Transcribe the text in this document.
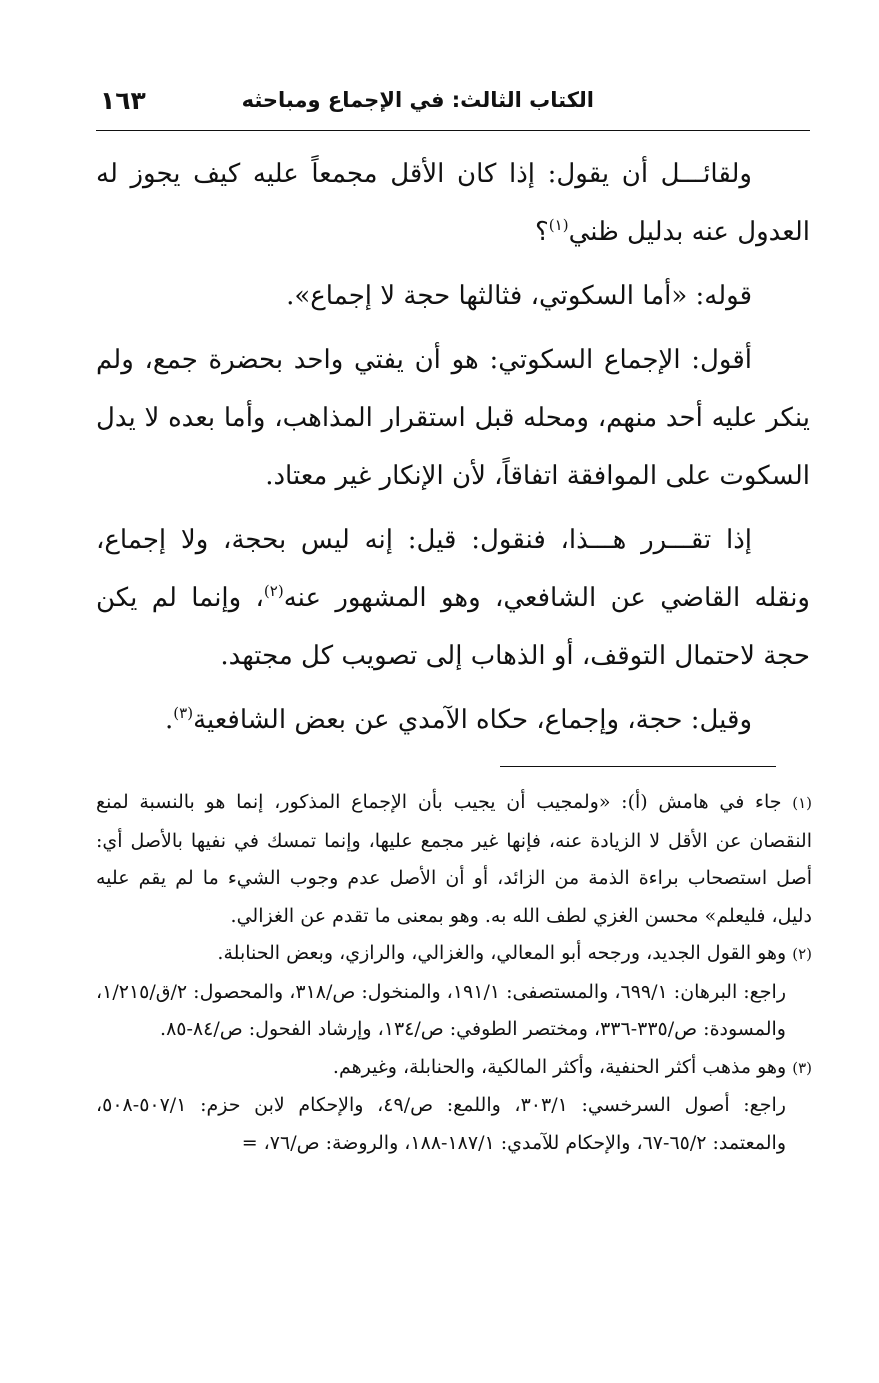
الكتاب الثالث: في الإجماع ومباحثه
١٦٣

ولقائـــل أن يقول: إذا كان الأقل مجمعاً عليه كيف يجوز له العدول عنه بدليل ظني$^{(١)}$؟

قوله: «أما السكوتي، فثالثها حجة لا إجماع».

أقول: الإجماع السكوتي: هو أن يفتي واحد بحضرة جمع، ولم ينكر عليه أحد منهم، ومحله قبل استقرار المذاهب، وأما بعده لا يدل السكوت على الموافقة اتفاقاً، لأن الإنكار غير معتاد.

إذا تقـــرر هـــذا، فنقول: قيل: إنه ليس بحجة، ولا إجماع، ونقله القاضي عن الشافعي، وهو المشهور عنه$^{(٢)}$، وإنما لم يكن حجة لاحتمال التوقف، أو الذهاب إلى تصويب كل مجتهد.

وقيل: حجة، وإجماع، حكاه الآمدي عن بعض الشافعية$^{(٣)}$.

(١) جاء في هامش (أ): «ولمجيب أن يجيب بأن الإجماع المذكور، إنما هو بالنسبة لمنع النقصان عن الأقل لا الزيادة عنه، فإنها غير مجمع عليها، وإنما تمسك في نفيها بالأصل أي: أصل استصحاب براءة الذمة من الزائد، أو أن الأصل عدم وجوب الشيء ما لم يقم عليه دليل، فليعلم» محسن الغزي لطف الله به. وهو بمعنى ما تقدم عن الغزالي.

(٢) وهو القول الجديد، ورجحه أبو المعالي، والغزالي، والرازي، وبعض الحنابلة.

راجع: البرهان: ٦٩٩/١، والمستصفى: ١٩١/١، والمنخول: ص/٣١٨، والمحصول: ٢/ق/١/٢١٥، والمسودة: ص/٣٣٥-٣٣٦، ومختصر الطوفي: ص/١٣٤، وإرشاد الفحول: ص/٨٤-٨٥.

(٣) وهو مذهب أكثر الحنفية، وأكثر المالكية، والحنابلة، وغيرهم.

راجع: أصول السرخسي: ٣٠٣/١، واللمع: ص/٤٩، والإحكام لابن حزم: ٥٠٧/١-٥٠٨، والمعتمد: ٦٥/٢-٦٧، والإحكام للآمدي: ١٨٧/١-١٨٨، والروضة: ص/٧٦، =
